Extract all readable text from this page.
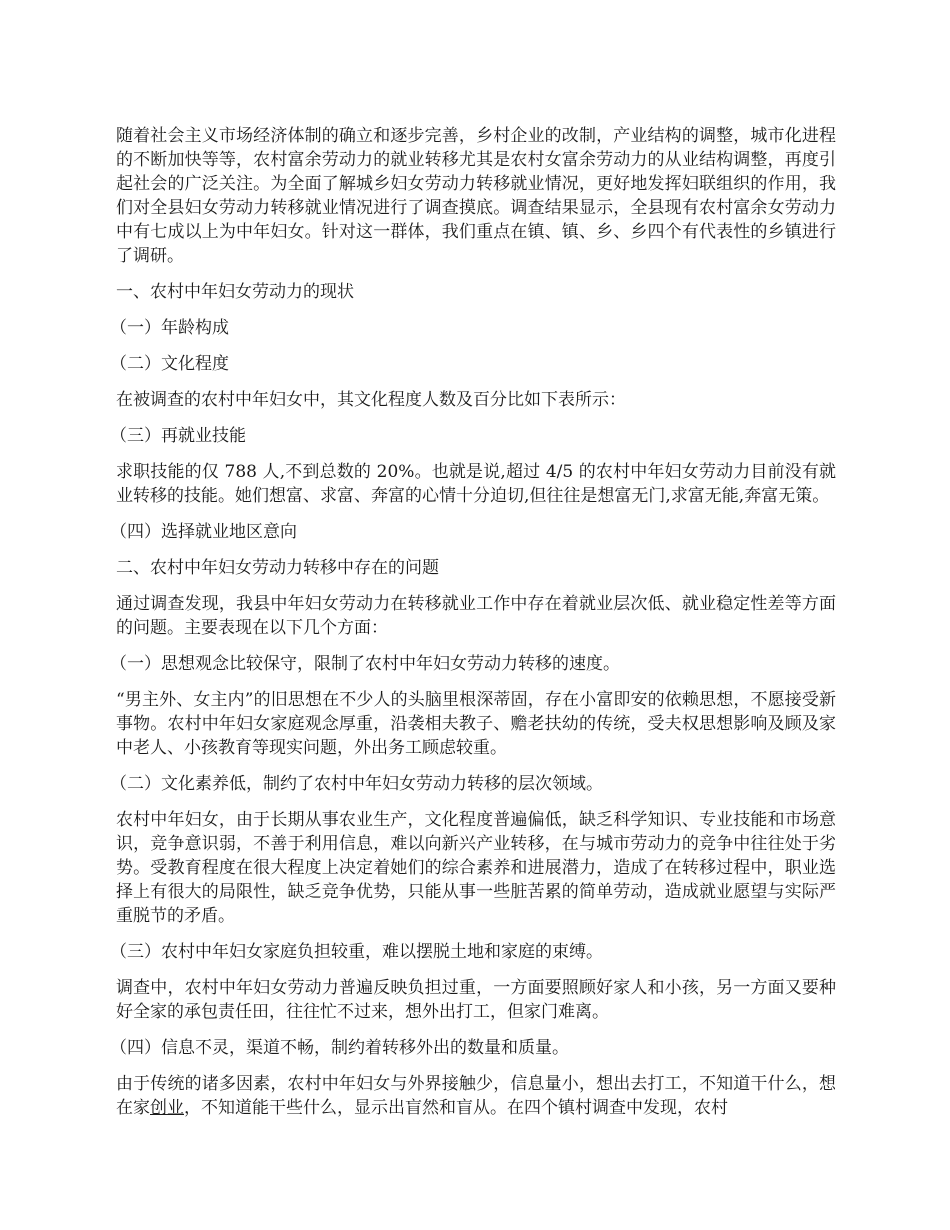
随着社会主义市场经济体制的确立和逐步完善，乡村企业的改制，产业结构的调整，城市化进程的不断加快等等，农村富余劳动力的就业转移尤其是农村女富余劳动力的从业结构调整，再度引起社会的广泛关注。为全面了解城乡妇女劳动力转移就业情况，更好地发挥妇联组织的作用，我们对全县妇女劳动力转移就业情况进行了调查摸底。调查结果显示，全县现有农村富余女劳动力中有七成以上为中年妇女。针对这一群体，我们重点在镇、镇、乡、乡四个有代表性的乡镇进行了调研。

一、农村中年妇女劳动力的现状

（一）年龄构成

（二）文化程度

在被调查的农村中年妇女中，其文化程度人数及百分比如下表所示：

（三）再就业技能

求职技能的仅 788 人,不到总数的 20%。也就是说,超过 4/5 的农村中年妇女劳动力目前没有就业转移的技能。她们想富、求富、奔富的心情十分迫切,但往往是想富无门,求富无能,奔富无策。

（四）选择就业地区意向

二、农村中年妇女劳动力转移中存在的问题

通过调查发现，我县中年妇女劳动力在转移就业工作中存在着就业层次低、就业稳定性差等方面的问题。主要表现在以下几个方面：

（一）思想观念比较保守，限制了农村中年妇女劳动力转移的速度。

“男主外、女主内”的旧思想在不少人的头脑里根深蒂固，存在小富即安的依赖思想，不愿接受新事物。农村中年妇女家庭观念厚重，沿袭相夫教子、赡老扶幼的传统，受夫权思想影响及顾及家中老人、小孩教育等现实问题，外出务工顾虑较重。

（二）文化素养低，制约了农村中年妇女劳动力转移的层次领域。

农村中年妇女，由于长期从事农业生产，文化程度普遍偏低，缺乏科学知识、专业技能和市场意识，竞争意识弱，不善于利用信息，难以向新兴产业转移，在与城市劳动力的竞争中往往处于劣势。受教育程度在很大程度上决定着她们的综合素养和进展潜力，造成了在转移过程中，职业选择上有很大的局限性，缺乏竞争优势，只能从事一些脏苦累的简单劳动，造成就业愿望与实际严重脱节的矛盾。

（三）农村中年妇女家庭负担较重，难以摆脱土地和家庭的束缚。

调查中，农村中年妇女劳动力普遍反映负担过重，一方面要照顾好家人和小孩，另一方面又要种好全家的承包责任田，往往忙不过来，想外出打工，但家门难离。

（四）信息不灵，渠道不畅，制约着转移外出的数量和质量。

由于传统的诸多因素，农村中年妇女与外界接触少，信息量小，想出去打工，不知道干什么，想在家创业，不知道能干些什么，显示出盲然和盲从。在四个镇村调查中发现，农村
